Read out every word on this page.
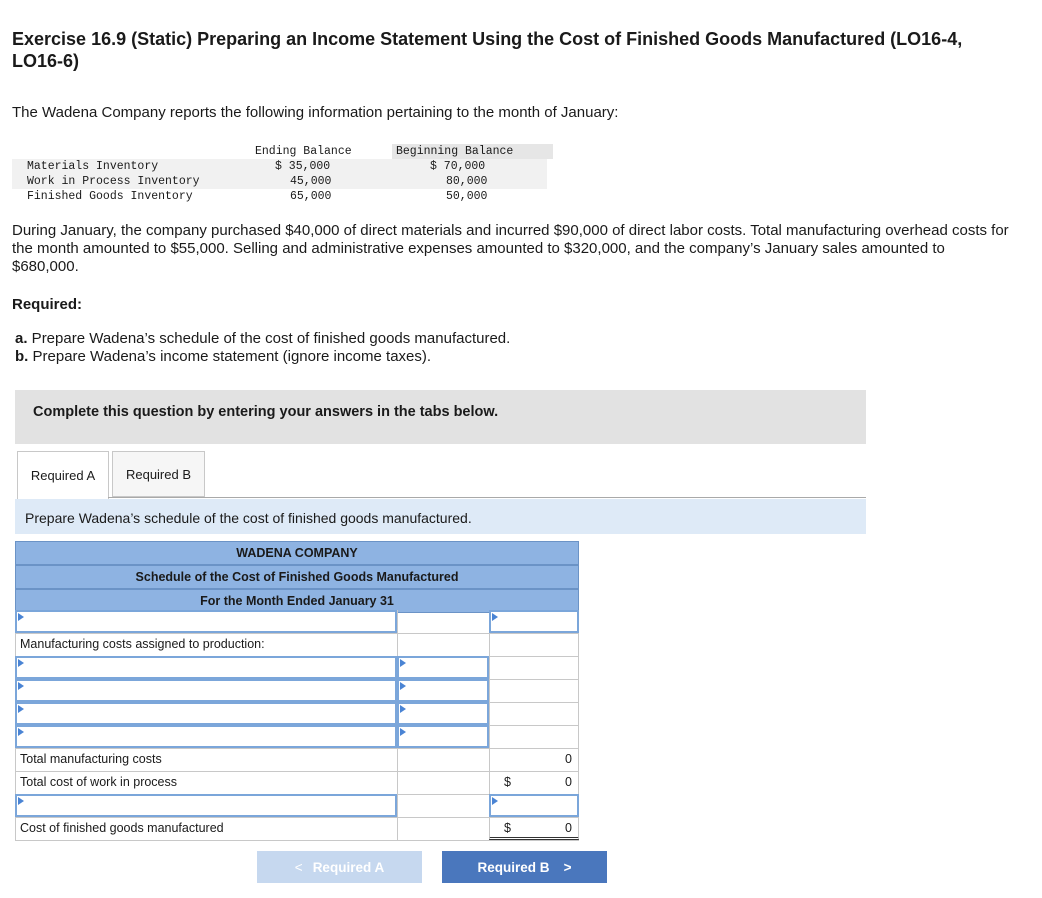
Exercise 16.9 (Static) Preparing an Income Statement Using the Cost of Finished Goods Manufactured (LO16-4, LO16-6)
The Wadena Company reports the following information pertaining to the month of January:
Ending Balance	Beginning Balance
Materials Inventory	$ 35,000	$ 70,000
Work in Process Inventory	45,000	80,000
Finished Goods Inventory	65,000	50,000
During January, the company purchased $40,000 of direct materials and incurred $90,000 of direct labor costs. Total manufacturing overhead costs for the month amounted to $55,000. Selling and administrative expenses amounted to $320,000, and the company’s January sales amounted to $680,000.
Required:
a. Prepare Wadena’s schedule of the cost of finished goods manufactured.
b. Prepare Wadena’s income statement (ignore income taxes).
Complete this question by entering your answers in the tabs below.
Required A Required B
Prepare Wadena’s schedule of the cost of finished goods manufactured.
WADENA COMPANY
Schedule of the Cost of Finished Goods Manufactured
For the Month Ended January 31
Manufacturing costs assigned to production:
Total manufacturing costs	0
Total cost of work in process	$	0
Cost of finished goods manufactured	$	0
< Required A	Required B >
